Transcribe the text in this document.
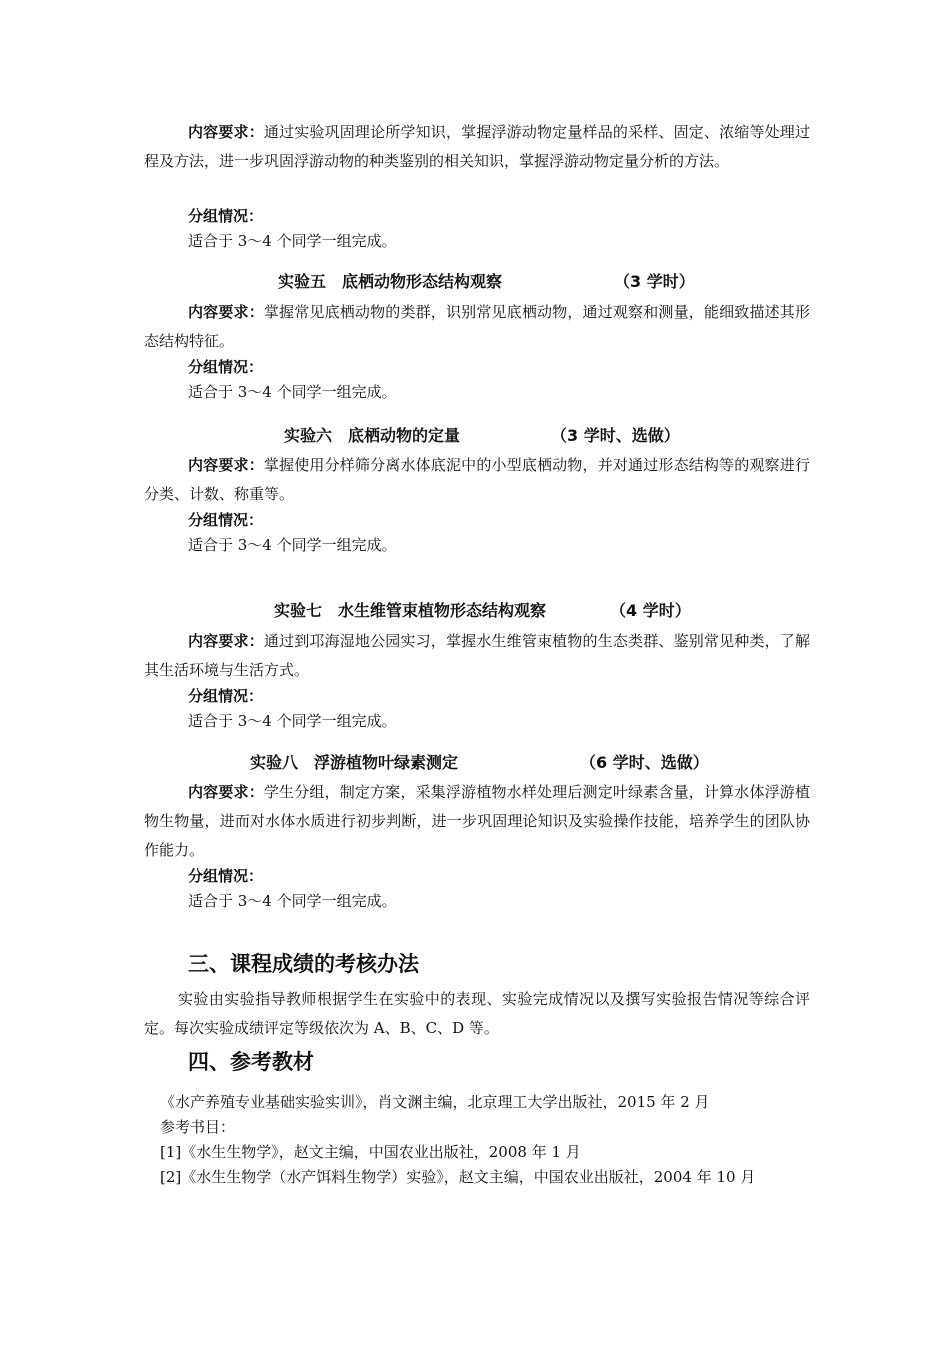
内容要求：通过实验巩固理论所学知识，掌握浮游动物定量样品的采样、固定、浓缩等处理过程及方法，进一步巩固浮游动物的种类鉴别的相关知识，掌握浮游动物定量分析的方法。
分组情况：
适合于 3～4 个同学一组完成。
实验五　底栖动物形态结构观察	（3 学时）
内容要求：掌握常见底栖动物的类群，识别常见底栖动物，通过观察和测量，能细致描述其形态结构特征。
分组情况：
适合于 3～4 个同学一组完成。
实验六　底栖动物的定量	（3 学时、选做）
内容要求：掌握使用分样筛分离水体底泥中的小型底栖动物，并对通过形态结构等的观察进行分类、计数、称重等。
分组情况：
适合于 3～4 个同学一组完成。
实验七　水生维管束植物形态结构观察	（4 学时）
内容要求：通过到邛海湿地公园实习，掌握水生维管束植物的生态类群、鉴别常见种类，了解其生活环境与生活方式。
分组情况：
适合于 3～4 个同学一组完成。
实验八　浮游植物叶绿素测定	（6 学时、选做）
内容要求：学生分组，制定方案，采集浮游植物水样处理后测定叶绿素含量，计算水体浮游植物生物量，进而对水体水质进行初步判断，进一步巩固理论知识及实验操作技能，培养学生的团队协作能力。
分组情况：
适合于 3～4 个同学一组完成。
三、课程成绩的考核办法
实验由实验指导教师根据学生在实验中的表现、实验完成情况以及撰写实验报告情况等综合评定。每次实验成绩评定等级依次为 A、B、C、D 等。
四、参考教材
《水产养殖专业基础实验实训》，肖文渊主编，北京理工大学出版社，2015 年 2 月
参考书目：
[1]《水生生物学》，赵文主编，中国农业出版社，2008 年 1 月
[2]《水生生物学（水产饵料生物学）实验》，赵文主编，中国农业出版社，2004 年 10 月
